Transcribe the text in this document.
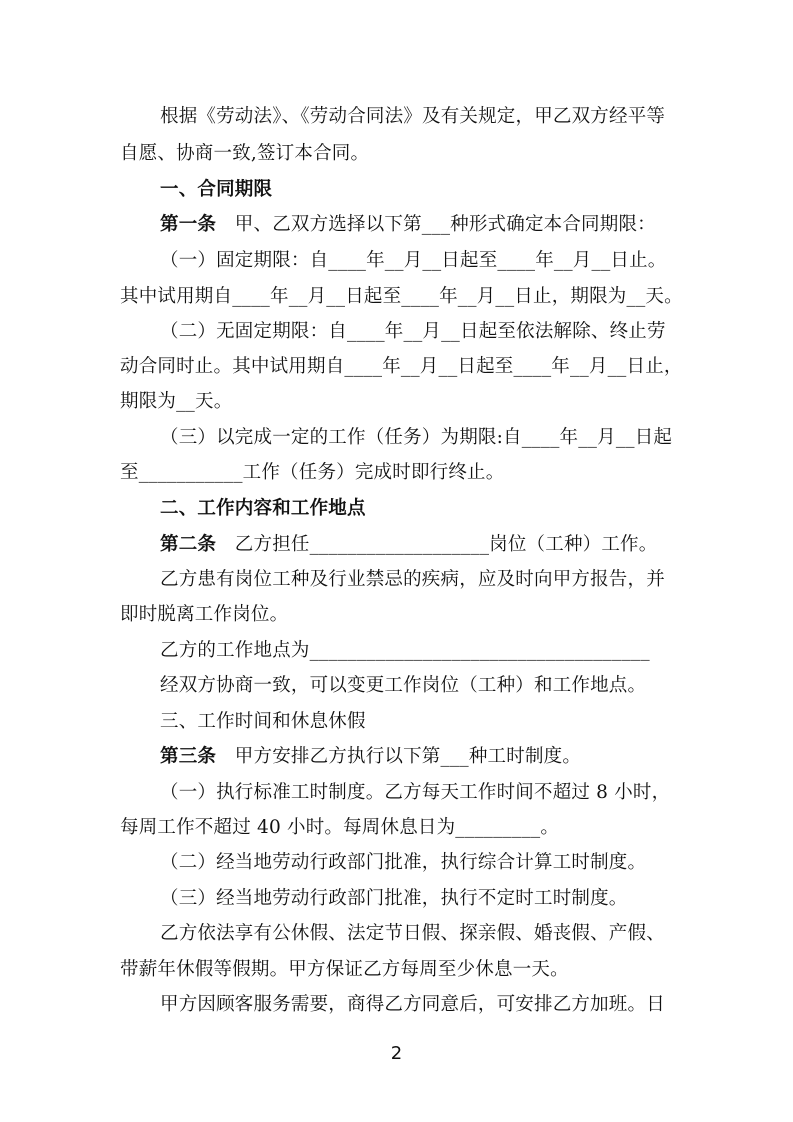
根据《劳动法》、《劳动合同法》及有关规定，甲乙双方经平等
自愿、协商一致,签订本合同。
一、合同期限
第一条　甲、乙双方选择以下第___种形式确定本合同期限：
（一）固定期限：自____年__月__日起至____年__月__日止。
其中试用期自____年__月__日起至____年__月__日止，期限为__天。
（二）无固定期限：自____年__月__日起至依法解除、终止劳
动合同时止。其中试用期自____年__月__日起至____年__月__日止，
期限为__天。
（三）以完成一定的工作（任务）为期限:自____年__月__日起
至___________工作（任务）完成时即行终止。
二、工作内容和工作地点
第二条　乙方担任___________________岗位（工种）工作。
乙方患有岗位工种及行业禁忌的疾病，应及时向甲方报告，并
即时脱离工作岗位。
乙方的工作地点为____________________________________
经双方协商一致，可以变更工作岗位（工种）和工作地点。
三、工作时间和休息休假
第三条　甲方安排乙方执行以下第___种工时制度。
（一）执行标准工时制度。乙方每天工作时间不超过 8 小时，
每周工作不超过 40 小时。每周休息日为_________。
（二）经当地劳动行政部门批准，执行综合计算工时制度。
（三）经当地劳动行政部门批准，执行不定时工时制度。
乙方依法享有公休假、法定节日假、探亲假、婚丧假、产假、
带薪年休假等假期。甲方保证乙方每周至少休息一天。
甲方因顾客服务需要，商得乙方同意后，可安排乙方加班。日
2
